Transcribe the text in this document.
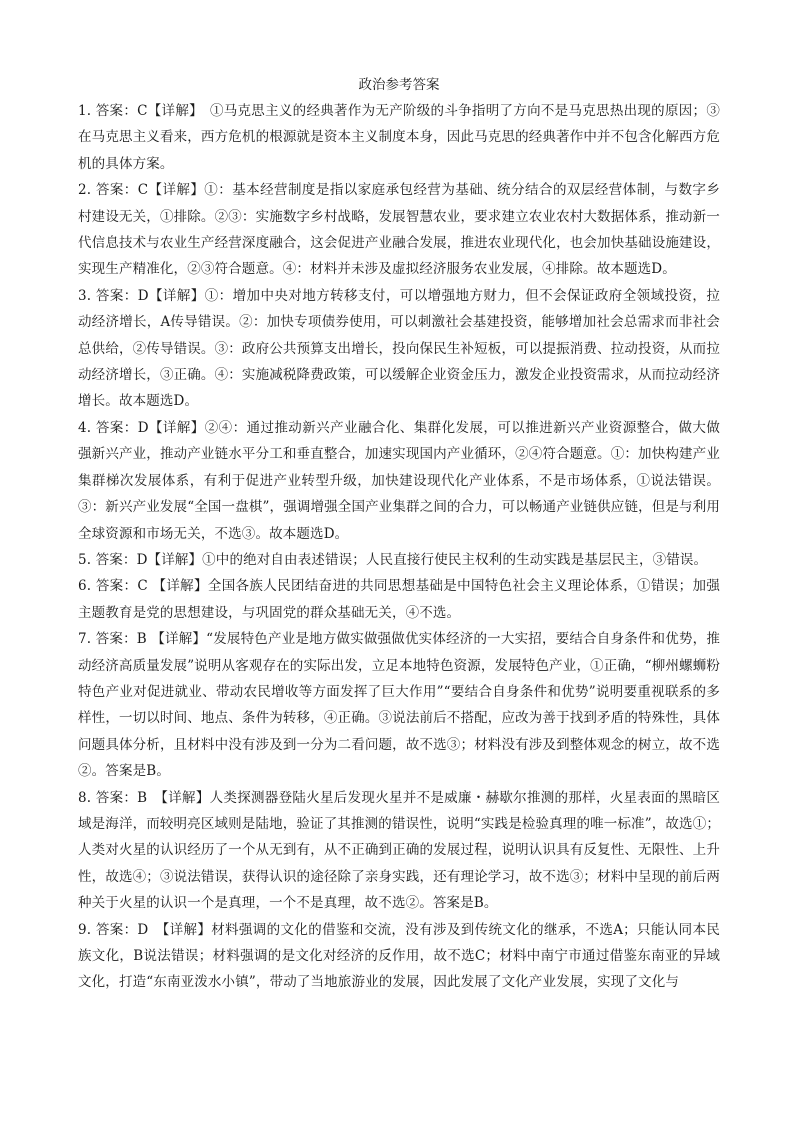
政治参考答案

1. 答案：C【详解】　①马克思主义的经典著作为无产阶级的斗争指明了方向不是马克思热出现的原因；③在马克思主义看来，西方危机的根源就是资本主义制度本身，因此马克思的经典著作中并不包含化解西方危机的具体方案。

2. 答案：C【详解】①：基本经营制度是指以家庭承包经营为基础、统分结合的双层经营体制，与数字乡村建设无关，①排除。②③：实施数字乡村战略，发展智慧农业，要求建立农业农村大数据体系，推动新一代信息技术与农业生产经营深度融合，这会促进产业融合发展，推进农业现代化，也会加快基础设施建设，实现生产精准化，②③符合题意。④：材料并未涉及虚拟经济服务农业发展，④排除。故本题选D。

3. 答案：D【详解】①：增加中央对地方转移支付，可以增强地方财力，但不会保证政府全领域投资，拉动经济增长，A传导错误。②：加快专项债券使用，可以刺激社会基建投资，能够增加社会总需求而非社会总供给，②传导错误。③：政府公共预算支出增长，投向保民生补短板，可以提振消费、拉动投资，从而拉动经济增长，③正确。④：实施减税降费政策，可以缓解企业资金压力，激发企业投资需求，从而拉动经济增长。故本题选D。

4. 答案：D【详解】②④：通过推动新兴产业融合化、集群化发展，可以推进新兴产业资源整合，做大做强新兴产业，推动产业链水平分工和垂直整合，加速实现国内产业循环，②④符合题意。①：加快构建产业集群梯次发展体系，有利于促进产业转型升级，加快建设现代化产业体系，不是市场体系，①说法错误。③：新兴产业发展“全国一盘棋”，强调增强全国产业集群之间的合力，可以畅通产业链供应链，但是与利用全球资源和市场无关，不选③。故本题选D。

5. 答案：D【详解】①中的绝对自由表述错误；人民直接行使民主权利的生动实践是基层民主，③错误。

6. 答案：C 【详解】全国各族人民团结奋进的共同思想基础是中国特色社会主义理论体系，①错误；加强主题教育是党的思想建设，与巩固党的群众基础无关，④不选。

7. 答案：B 【详解】“发展特色产业是地方做实做强做优实体经济的一大实招，要结合自身条件和优势，推动经济高质量发展”说明从客观存在的实际出发，立足本地特色资源，发展特色产业，①正确，“柳州螺蛳粉特色产业对促进就业、带动农民增收等方面发挥了巨大作用”“要结合自身条件和优势”说明要重视联系的多样性，一切以时间、地点、条件为转移，④正确。③说法前后不搭配，应改为善于找到矛盾的特殊性，具体问题具体分析，且材料中没有涉及到一分为二看问题，故不选③；材料没有涉及到整体观念的树立，故不选②。答案是B。

8. 答案：B　【详解】人类探测器登陆火星后发现火星并不是威廉・赫歇尔推测的那样，火星表面的黑暗区域是海洋，而较明亮区域则是陆地，验证了其推测的错误性，说明“实践是检验真理的唯一标准”，故选①；人类对火星的认识经历了一个从无到有，从不正确到正确的发展过程，说明认识具有反复性、无限性、上升性，故选④；③说法错误，获得认识的途径除了亲身实践，还有理论学习，故不选③；材料中呈现的前后两种关于火星的认识一个是真理，一个不是真理，故不选②。答案是B。

9. 答案：D　【详解】材料强调的文化的借鉴和交流，没有涉及到传统文化的继承，不选A；只能认同本民族文化，B说法错误；材料强调的是文化对经济的反作用，故不选C；材料中南宁市通过借鉴东南亚的异域文化，打造“东南亚泼水小镇”，带动了当地旅游业的发展，因此发展了文化产业发展，实现了文化与
